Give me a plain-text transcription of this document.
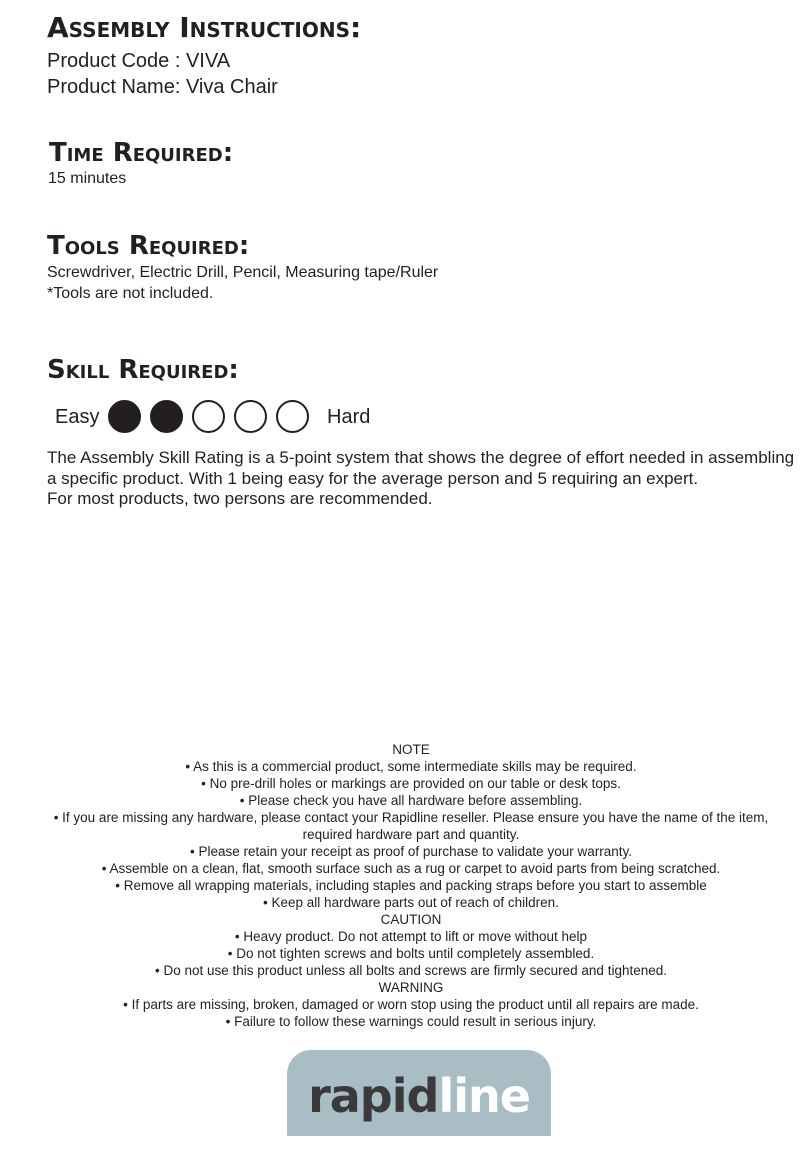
Assembly Instructions:

Product Code : VIVA

Product Name: Viva Chair

Time Required:

15 minutes

Tools Required:

Screwdriver, Electric Drill, Pencil, Measuring tape/Ruler

*Tools are not included.

Skill Required:
Easy	Hard

The Assembly Skill Rating is a 5-point system that shows the degree of effort needed in assembling

a specific product. With 1 being easy for the average person and 5 requiring an expert.

For most products, two persons are recommended.

NOTE
• As this is a commercial product, some intermediate skills may be required.
• No pre-drill holes or markings are provided on our table or desk tops.
• Please check you have all hardware before assembling.
• If you are missing any hardware, please contact your Rapidline reseller. Please ensure you have the name of the item,
required hardware part and quantity.
• Please retain your receipt as proof of purchase to validate your warranty.
• Assemble on a clean, flat, smooth surface such as a rug or carpet to avoid parts from being scratched.
• Remove all wrapping materials, including staples and packing straps before you start to assemble
• Keep all hardware parts out of reach of children.
CAUTION
• Heavy product. Do not attempt to lift or move without help
• Do not tighten screws and bolts until completely assembled.
• Do not use this product unless all bolts and screws are firmly secured and tightened.
WARNING
• If parts are missing, broken, damaged or worn stop using the product until all repairs are made.
• Failure to follow these warnings could result in serious injury.
rapidline
